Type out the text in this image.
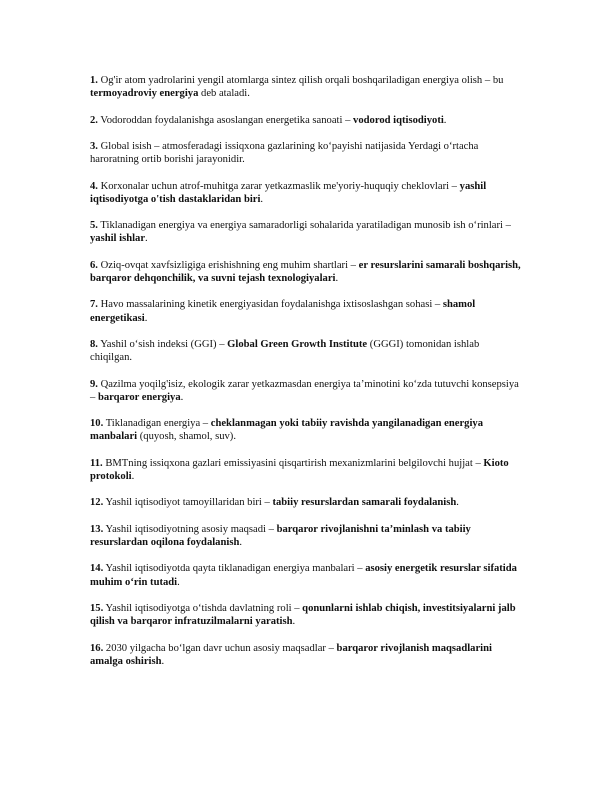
1. Og'ir atom yadrolarini yengil atomlarga sintez qilish orqali boshqariladigan energiya olish – bu termoyadroviy energiya deb ataladi.

2. Vodoroddan foydalanishga asoslangan energetika sanoati – vodorod iqtisodiyoti.

3. Global isish – atmosferadagi issiqxona gazlarining koʻpayishi natijasida Yerdagi oʻrtacha haroratning ortib borishi jarayonidir.

4. Korxonalar uchun atrof-muhitga zarar yetkazmaslik me'yoriy-huquqiy cheklovlari – yashil iqtisodiyotga o'tish dastaklaridan biri.

5. Tiklanadigan energiya va energiya samaradorligi sohalarida yaratiladigan munosib ish oʻrinlari – yashil ishlar.

6. Oziq-ovqat xavfsizligiga erishishning eng muhim shartlari – er resurslarini samarali boshqarish, barqaror dehqonchilik, va suvni tejash texnologiyalari.

7. Havo massalarining kinetik energiyasidan foydalanishga ixtisoslashgan sohasi – shamol energetikasi.

8. Yashil oʻsish indeksi (GGI) – Global Green Growth Institute (GGGI) tomonidan ishlab chiqilgan.

9. Qazilma yoqilg'isiz, ekologik zarar yetkazmasdan energiya taʼminotini koʻzda tutuvchi konsepsiya – barqaror energiya.

10. Tiklanadigan energiya – cheklanmagan yoki tabiiy ravishda yangilanadigan energiya manbalari (quyosh, shamol, suv).

11. BMTning issiqxona gazlari emissiyasini qisqartirish mexanizmlarini belgilovchi hujjat – Kioto protokoli.

12. Yashil iqtisodiyot tamoyillaridan biri – tabiiy resurslardan samarali foydalanish.

13. Yashil iqtisodiyotning asosiy maqsadi – barqaror rivojlanishni taʼminlash va tabiiy resurslardan oqilona foydalanish.

14. Yashil iqtisodiyotda qayta tiklanadigan energiya manbalari – asosiy energetik resurslar sifatida muhim oʻrin tutadi.

15. Yashil iqtisodiyotga oʻtishda davlatning roli – qonunlarni ishlab chiqish, investitsiyalarni jalb qilish va barqaror infratuzilmalarni yaratish.

16. 2030 yilgacha boʻlgan davr uchun asosiy maqsadlar – barqaror rivojlanish maqsadlarini amalga oshirish.
